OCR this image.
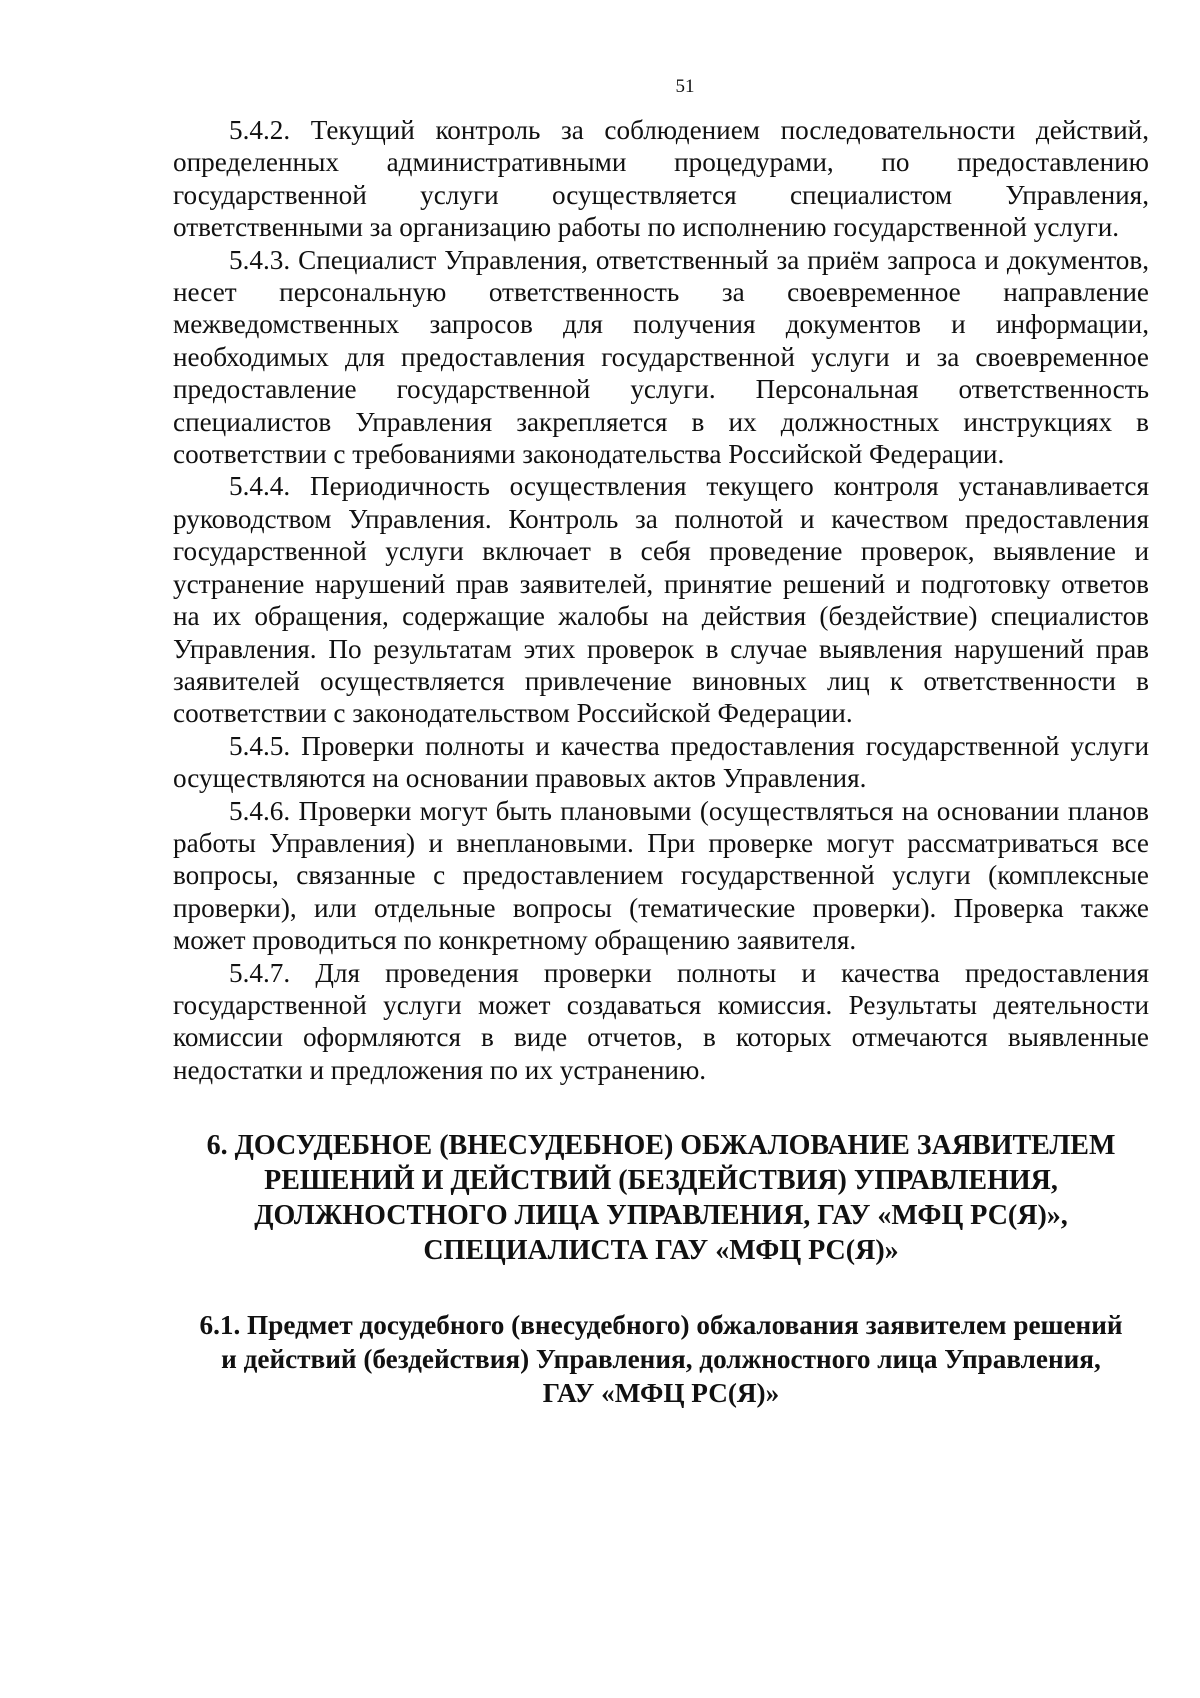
51

5.4.2. Текущий контроль за соблюдением последовательности действий, определенных административными процедурами, по предоставлению государственной услуги осуществляется специалистом Управления, ответственными за организацию работы по исполнению государственной услуги.

5.4.3. Специалист Управления, ответственный за приём запроса и документов, несет персональную ответственность за своевременное направление межведомственных запросов для получения документов и информации, необходимых для предоставления государственной услуги и за своевременное предоставление государственной услуги. Персональная ответственность специалистов Управления закрепляется в их должностных инструкциях в соответствии с требованиями законодательства Российской Федерации.

5.4.4. Периодичность осуществления текущего контроля устанавливается руководством Управления. Контроль за полнотой и качеством предоставления государственной услуги включает в себя проведение проверок, выявление и устранение нарушений прав заявителей, принятие решений и подготовку ответов на их обращения, содержащие жалобы на действия (бездействие) специалистов Управления. По результатам этих проверок в случае выявления нарушений прав заявителей осуществляется привлечение виновных лиц к ответственности в соответствии с законодательством Российской Федерации.

5.4.5. Проверки полноты и качества предоставления государственной услуги осуществляются на основании правовых актов Управления.

5.4.6. Проверки могут быть плановыми (осуществляться на основании планов работы Управления) и внеплановыми. При проверке могут рассматриваться все вопросы, связанные с предоставлением государственной услуги (комплексные проверки), или отдельные вопросы (тематические проверки). Проверка также может проводиться по конкретному обращению заявителя.

5.4.7. Для проведения проверки полноты и качества предоставления государственной услуги может создаваться комиссия. Результаты деятельности комиссии оформляются в виде отчетов, в которых отмечаются выявленные недостатки и предложения по их устранению.

6. ДОСУДЕБНОЕ (ВНЕСУДЕБНОЕ) ОБЖАЛОВАНИЕ ЗАЯВИТЕЛЕМ
РЕШЕНИЙ И ДЕЙСТВИЙ (БЕЗДЕЙСТВИЯ) УПРАВЛЕНИЯ,
ДОЛЖНОСТНОГО ЛИЦА УПРАВЛЕНИЯ, ГАУ «МФЦ РС(Я)»,
СПЕЦИАЛИСТА ГАУ «МФЦ РС(Я)»
6.1. Предмет досудебного (внесудебного) обжалования заявителем решений
и действий (бездействия) Управления, должностного лица Управления,
ГАУ «МФЦ РС(Я)»
